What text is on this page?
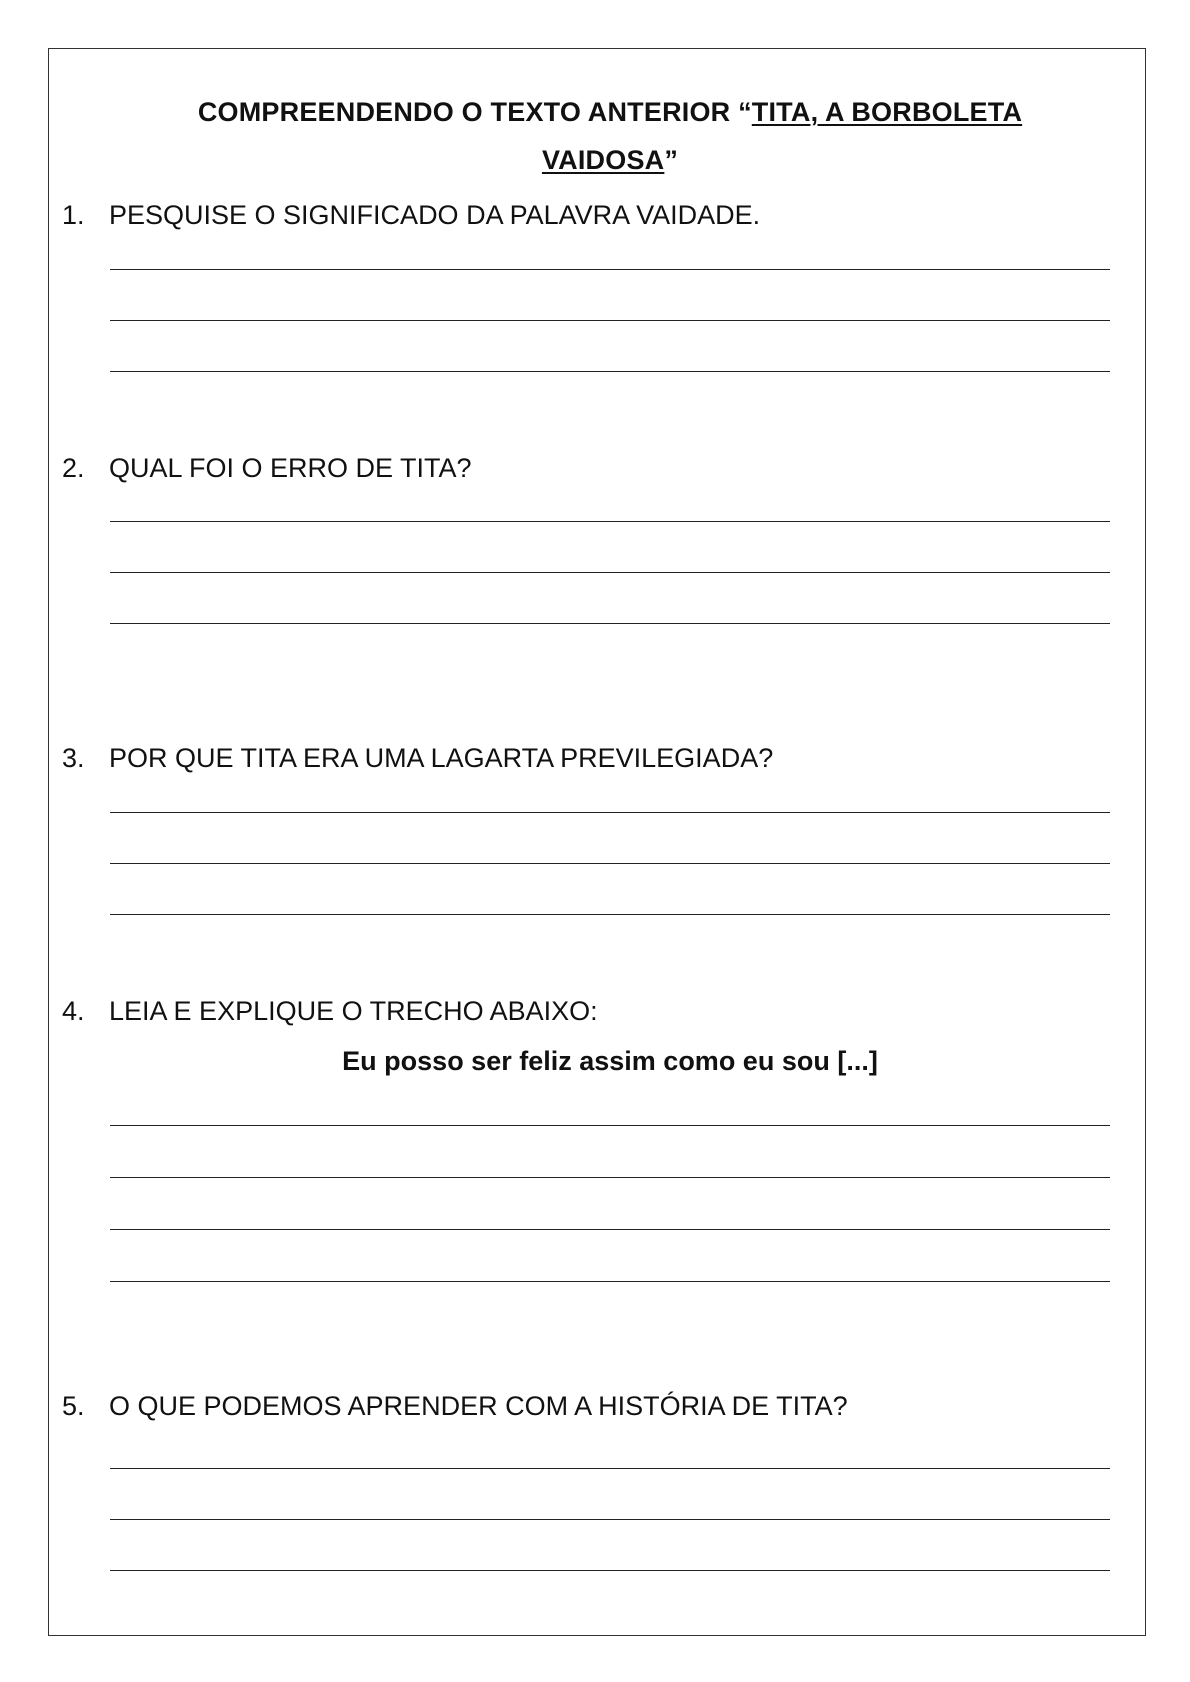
COMPREENDENDO O TEXTO ANTERIOR “TITA, A BORBOLETA
VAIDOSA”
1. PESQUISE O SIGNIFICADO DA PALAVRA VAIDADE.
2. QUAL FOI O ERRO DE TITA?
3. POR QUE TITA ERA UMA LAGARTA PREVILEGIADA?
4. LEIA E EXPLIQUE O TRECHO ABAIXO:
Eu posso ser feliz assim como eu sou [...]
5. O QUE PODEMOS APRENDER COM A HISTÓRIA DE TITA?
